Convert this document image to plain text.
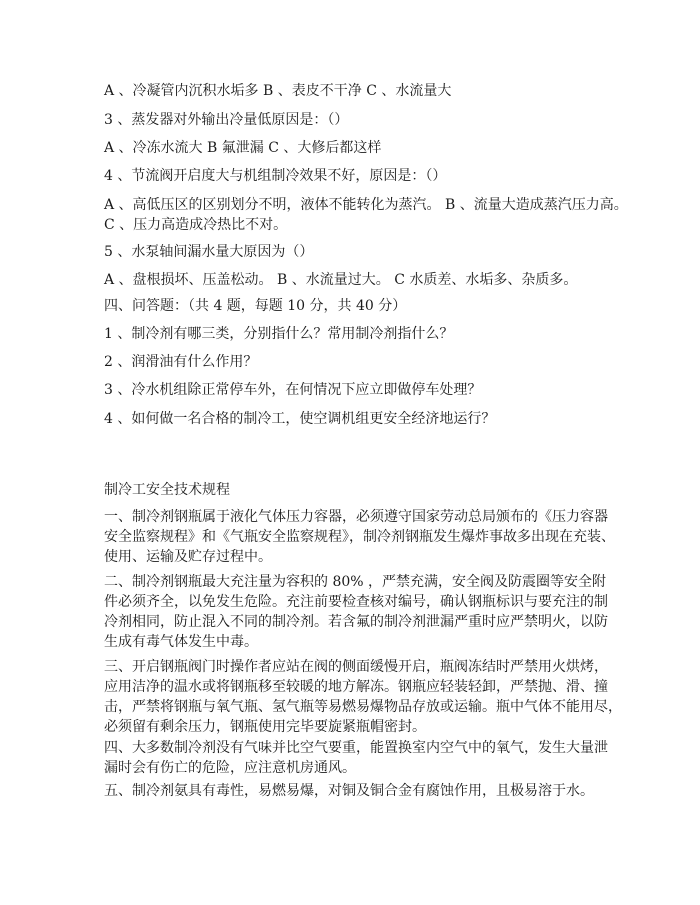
A 、冷凝管内沉积水垢多 B 、表皮不干净 C 、水流量大

3 、蒸发器对外输出冷量低原因是：（）

A 、冷冻水流大 B 氟泄漏 C 、大修后都这样

4 、节流阀开启度大与机组制冷效果不好，原因是：（）

A 、高低压区的区别划分不明，液体不能转化为蒸汽。 B 、流量大造成蒸汽压力高。
C 、压力高造成冷热比不对。

5 、水泵轴间漏水量大原因为（）

A 、盘根损坏、压盖松动。 B 、水流量过大。 C 水质差、水垢多、杂质多。

四、问答题：（共 4 题，每题 10 分，共 40 分）

1 、制冷剂有哪三类，分别指什么？常用制冷剂指什么？

2 、润滑油有什么作用？

3 、冷水机组除正常停车外，在何情况下应立即做停车处理？

4 、如何做一名合格的制冷工，使空调机组更安全经济地运行？

制冷工安全技术规程

一、制冷剂钢瓶属于液化气体压力容器，必须遵守国家劳动总局颁布的《压力容器
安全监察规程》和《气瓶安全监察规程》，制冷剂钢瓶发生爆炸事故多出现在充装、
使用、运输及贮存过程中。
二、制冷剂钢瓶最大充注量为容积的 80% ，严禁充满，安全阀及防震圈等安全附
件必须齐全，以免发生危险。充注前要检查核对编号，确认钢瓶标识与要充注的制
冷剂相同，防止混入不同的制冷剂。若含氟的制冷剂泄漏严重时应严禁明火，以防
生成有毒气体发生中毒。
三、开启钢瓶阀门时操作者应站在阀的侧面缓慢开启，瓶阀冻结时严禁用火烘烤，
应用洁净的温水或将钢瓶移至较暖的地方解冻。钢瓶应轻装轻卸，严禁抛、滑、撞
击，严禁将钢瓶与氧气瓶、氢气瓶等易燃易爆物品存放或运输。瓶中气体不能用尽，
必须留有剩余压力，钢瓶使用完毕要旋紧瓶帽密封。
四、大多数制冷剂没有气味并比空气要重，能置换室内空气中的氧气，发生大量泄
漏时会有伤亡的危险，应注意机房通风。

五、制冷剂氨具有毒性，易燃易爆，对铜及铜合金有腐蚀作用，且极易溶于水。
